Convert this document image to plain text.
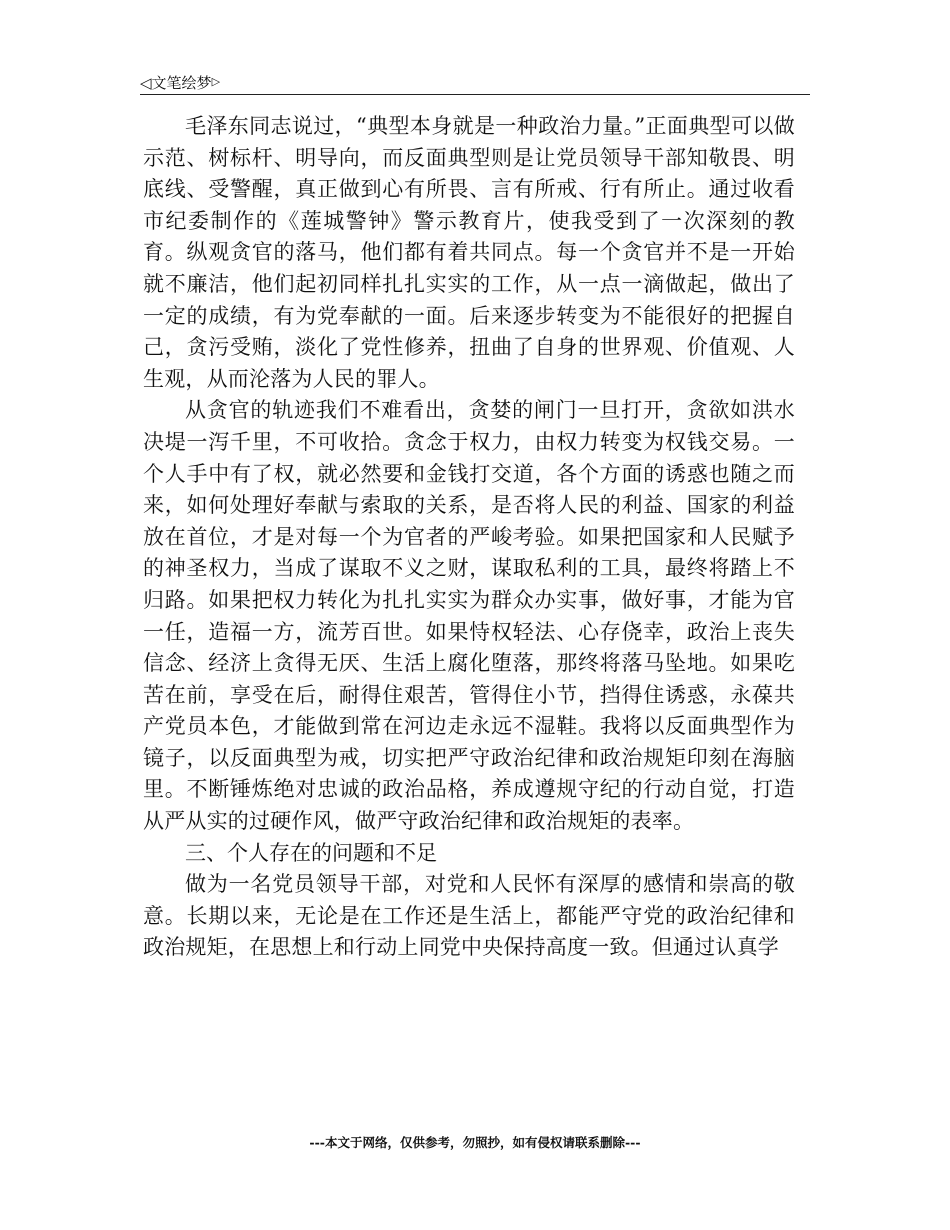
◁文笔绘梦▷

毛泽东同志说过，“典型本身就是一种政治力量。”正面典型可以做示范、树标杆、明导向，而反面典型则是让党员领导干部知敬畏、明底线、受警醒，真正做到心有所畏、言有所戒、行有所止。通过收看市纪委制作的《莲城警钟》警示教育片，使我受到了一次深刻的教育。纵观贪官的落马，他们都有着共同点。每一个贪官并不是一开始就不廉洁，他们起初同样扎扎实实的工作，从一点一滴做起，做出了一定的成绩，有为党奉献的一面。后来逐步转变为不能很好的把握自己，贪污受贿，淡化了党性修养，扭曲了自身的世界观、价值观、人生观，从而沦落为人民的罪人。

从贪官的轨迹我们不难看出，贪婪的闸门一旦打开，贪欲如洪水决堤一泻千里，不可收拾。贪念于权力，由权力转变为权钱交易。一个人手中有了权，就必然要和金钱打交道，各个方面的诱惑也随之而来，如何处理好奉献与索取的关系，是否将人民的利益、国家的利益放在首位，才是对每一个为官者的严峻考验。如果把国家和人民赋予的神圣权力，当成了谋取不义之财，谋取私利的工具，最终将踏上不归路。如果把权力转化为扎扎实实为群众办实事，做好事，才能为官一任，造福一方，流芳百世。如果恃权轻法、心存侥幸，政治上丧失信念、经济上贪得无厌、生活上腐化堕落，那终将落马坠地。如果吃苦在前，享受在后，耐得住艰苦，管得住小节，挡得住诱惑，永葆共产党员本色，才能做到常在河边走永远不湿鞋。我将以反面典型作为镜子，以反面典型为戒，切实把严守政治纪律和政治规矩印刻在海脑里。不断锤炼绝对忠诚的政治品格，养成遵规守纪的行动自觉，打造从严从实的过硬作风，做严守政治纪律和政治规矩的表率。

三、个人存在的问题和不足

做为一名党员领导干部，对党和人民怀有深厚的感情和崇高的敬意。长期以来，无论是在工作还是生活上，都能严守党的政治纪律和政治规矩，在思想上和行动上同党中央保持高度一致。但通过认真学

---本文于网络，仅供参考，勿照抄，如有侵权请联系删除---
